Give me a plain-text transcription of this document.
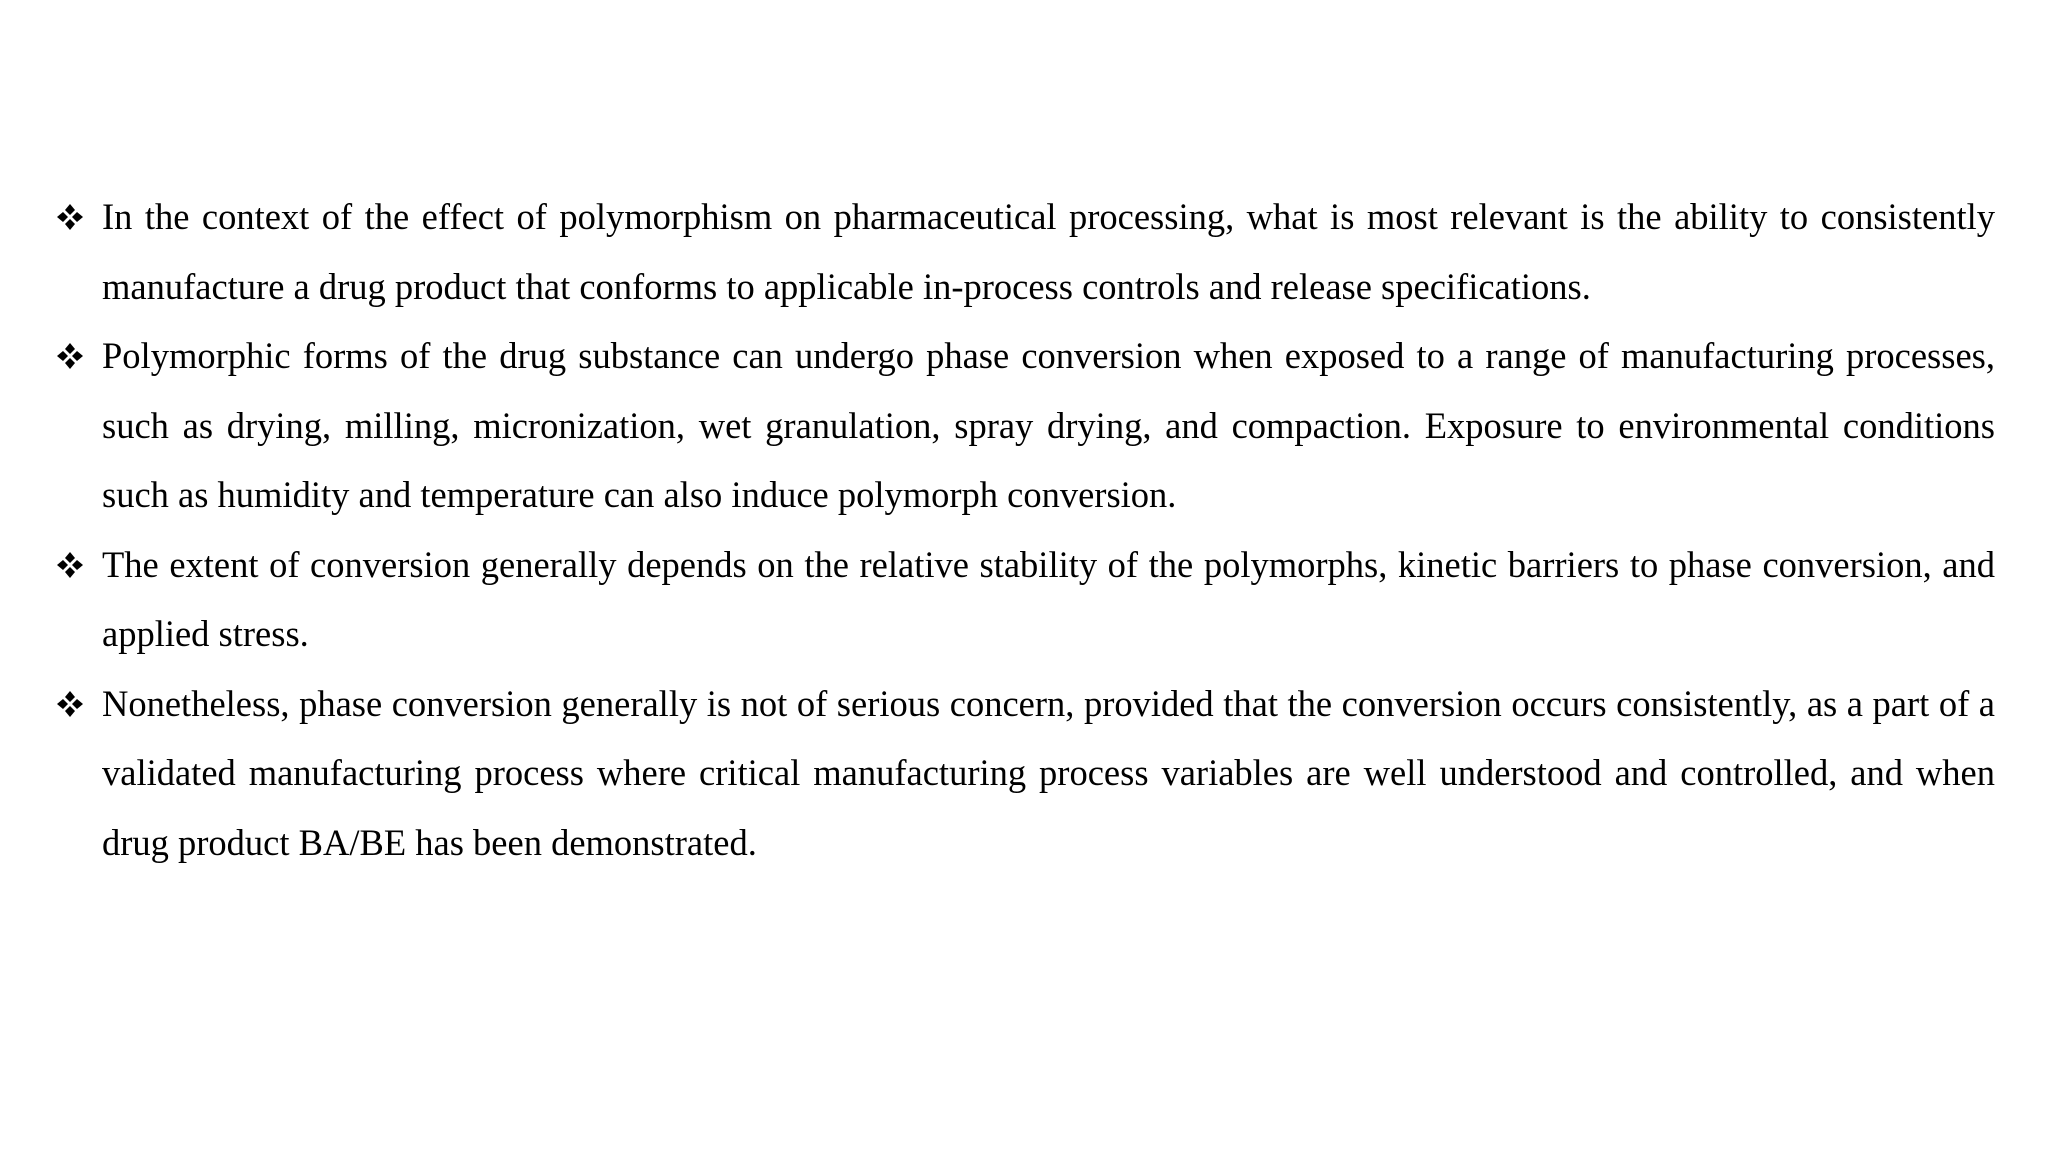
In the context of the effect of polymorphism on pharmaceutical processing, what is most relevant is the ability to consistently manufacture a drug product that conforms to applicable in-process controls and release specifications.
Polymorphic forms of the drug substance can undergo phase conversion when exposed to a range of manufacturing processes, such as drying, milling, micronization, wet granulation, spray drying, and compaction. Exposure to environmental conditions such as humidity and temperature can also induce polymorph conversion.
The extent of conversion generally depends on the relative stability of the polymorphs, kinetic barriers to phase conversion, and applied stress.
Nonetheless, phase conversion generally is not of serious concern, provided that the conversion occurs consistently, as a part of a validated manufacturing process where critical manufacturing process variables are well understood and controlled, and when drug product BA/BE has been demonstrated.
